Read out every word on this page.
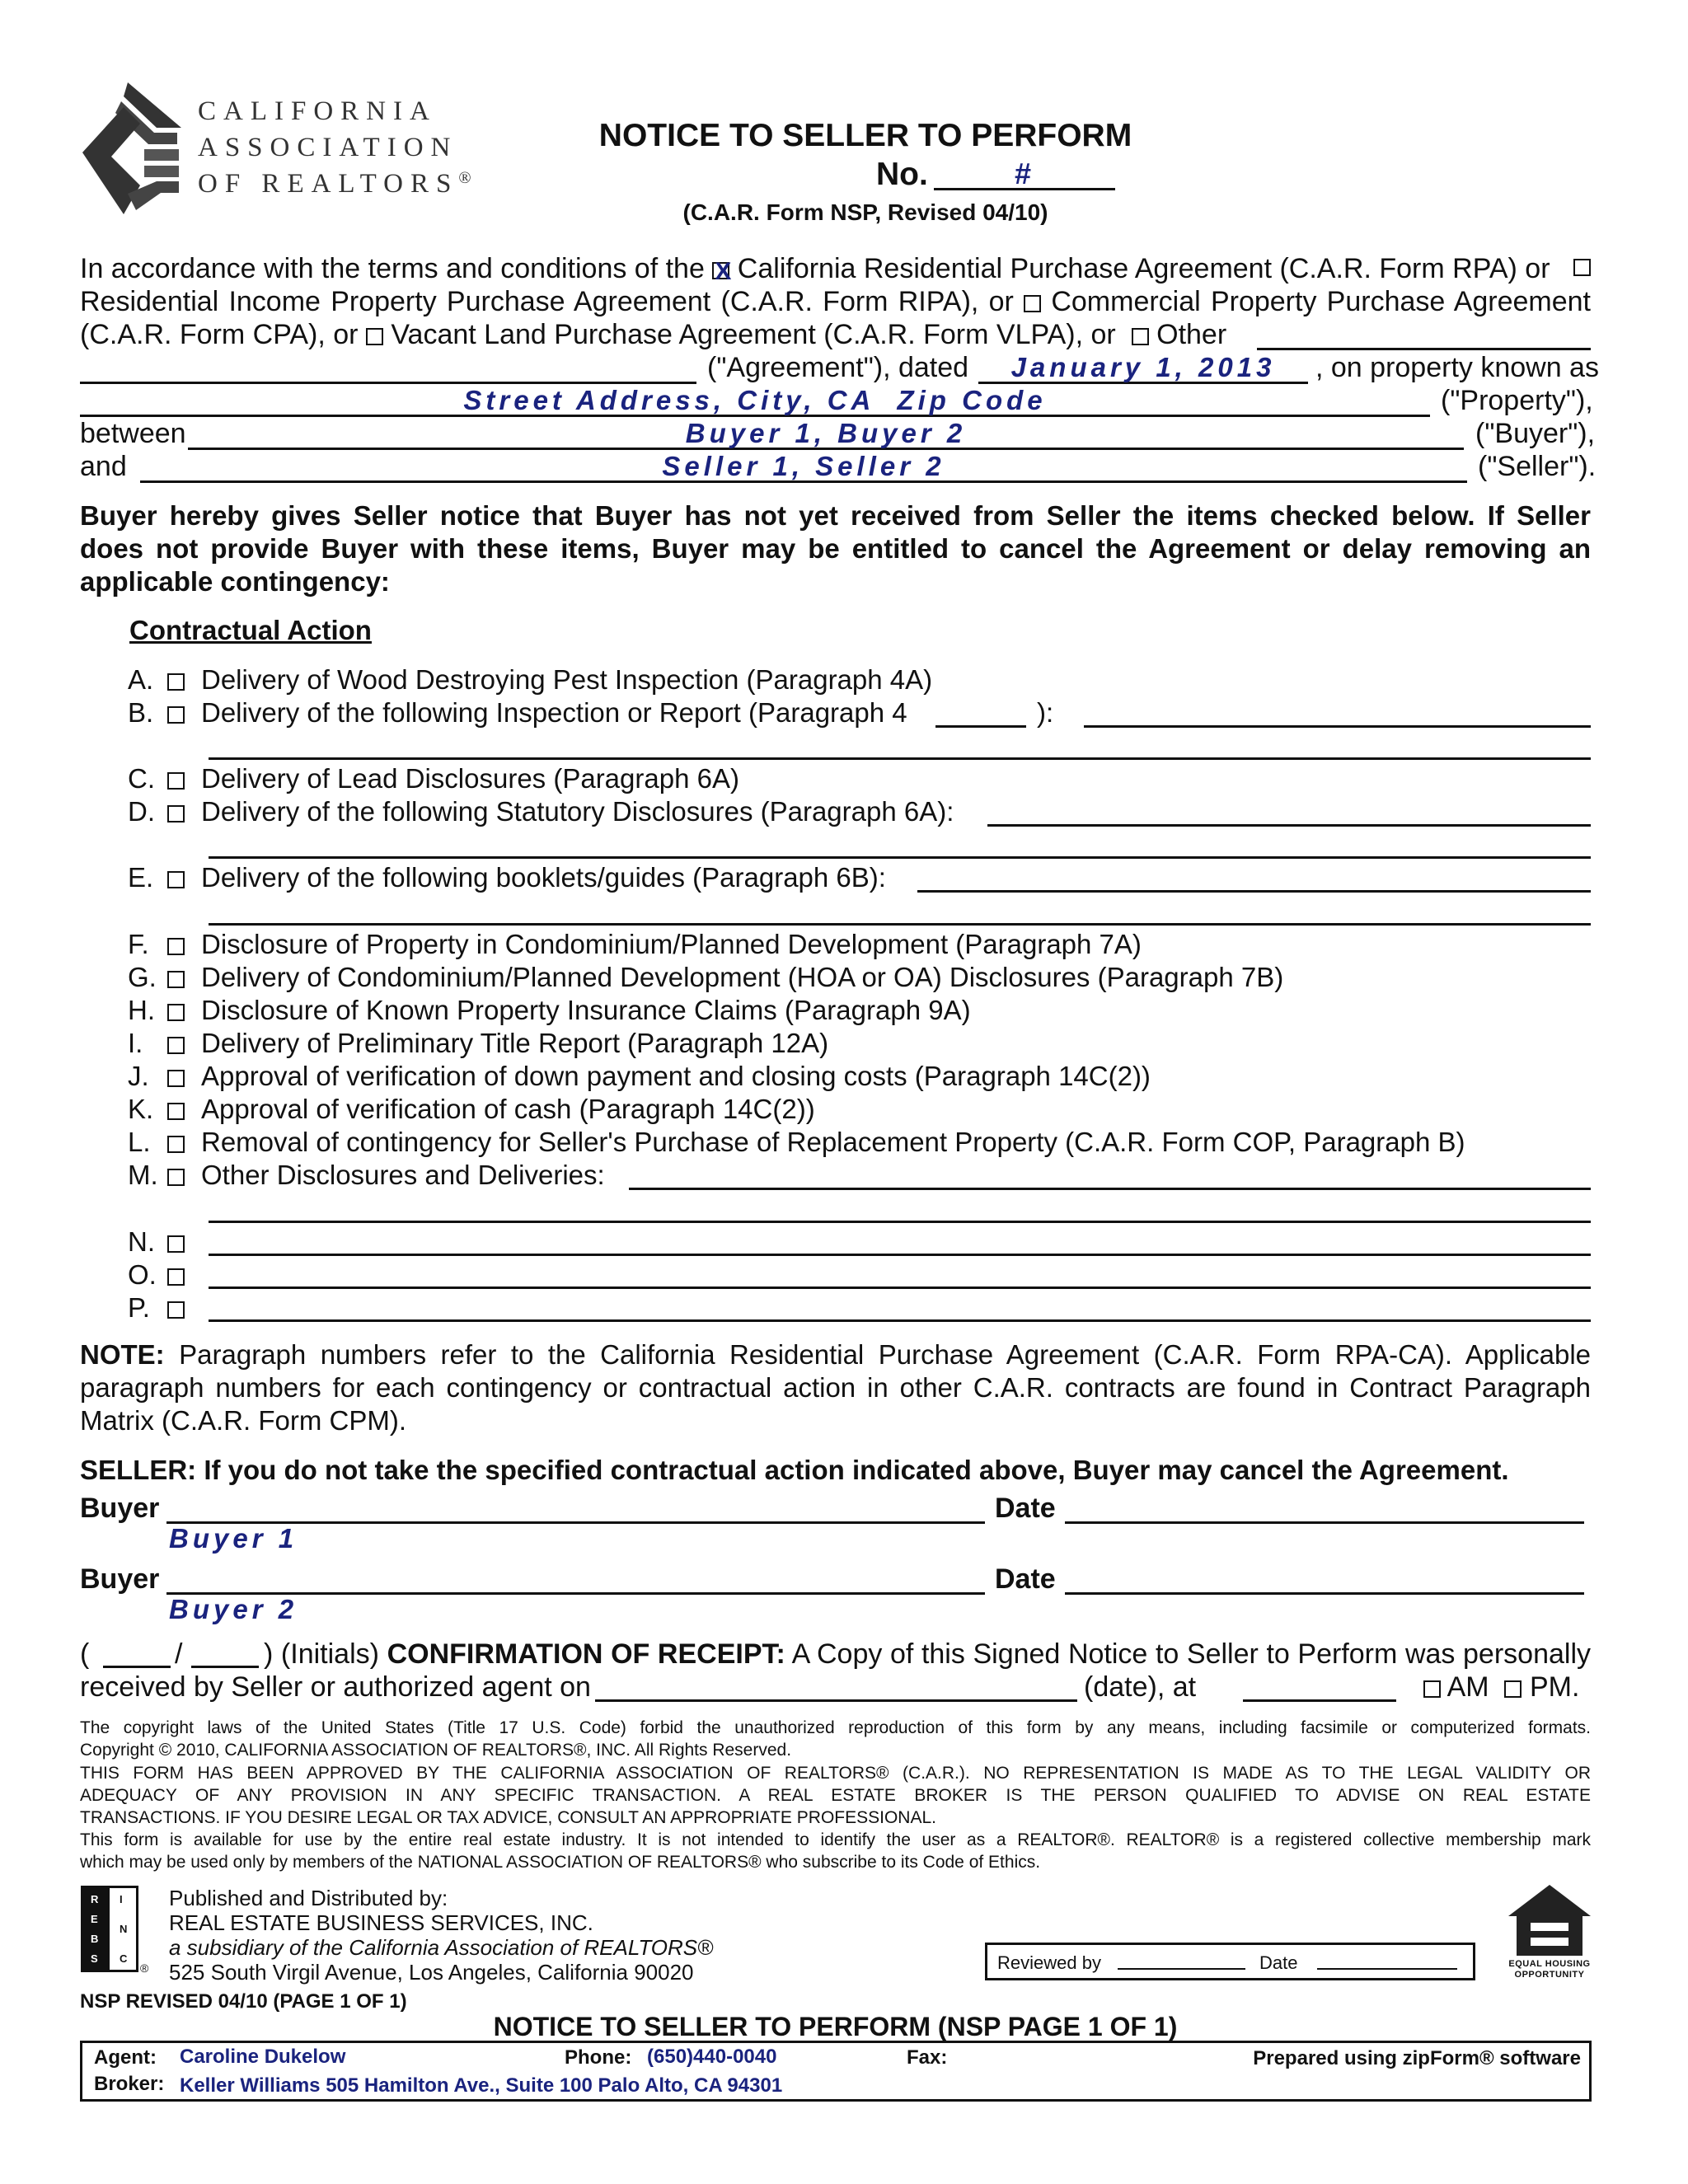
CALIFORNIA
ASSOCIATION
OF REALTORS®
NOTICE TO SELLER TO PERFORM
No.	#
(C.A.R. Form NSP, Revised 04/10)
In accordance with the terms and conditions of the X California Residential Purchase Agreement (C.A.R. Form RPA) or
Residential Income Property Purchase Agreement (C.A.R. Form RIPA), or Commercial Property Purchase Agreement
(C.A.R. Form CPA), or Vacant Land Purchase Agreement (C.A.R. Form VLPA), or Other
("Agreement"), dated	January 1, 2013	, on property known as
Street Address, City, CA  Zip Code	("Property"),
between	Buyer 1, Buyer 2	("Buyer"),
and	Seller 1, Seller 2	("Seller").
Buyer hereby gives Seller notice that Buyer has not yet received from Seller the items checked below. If Seller
does not provide Buyer with these items, Buyer may be entitled to cancel the Agreement or delay removing an
applicable contingency:
Contractual Action
A. Delivery of Wood Destroying Pest Inspection (Paragraph 4A)
B. Delivery of the following Inspection or Report (Paragraph 4	):
C. Delivery of Lead Disclosures (Paragraph 6A)
D. Delivery of the following Statutory Disclosures (Paragraph 6A):
E. Delivery of the following booklets/guides (Paragraph 6B):
F. Disclosure of Property in Condominium/Planned Development (Paragraph 7A)
G. Delivery of Condominium/Planned Development (HOA or OA) Disclosures (Paragraph 7B)
H. Disclosure of Known Property Insurance Claims (Paragraph 9A)
I. Delivery of Preliminary Title Report (Paragraph 12A)
J. Approval of verification of down payment and closing costs (Paragraph 14C(2))
K. Approval of verification of cash (Paragraph 14C(2))
L. Removal of contingency for Seller's Purchase of Replacement Property (C.A.R. Form COP, Paragraph B)
M. Other Disclosures and Deliveries:
N.
O.
P.
NOTE: Paragraph numbers refer to the California Residential Purchase Agreement (C.A.R. Form RPA-CA). Applicable
paragraph numbers for each contingency or contractual action in other C.A.R. contracts are found in Contract Paragraph
Matrix (C.A.R. Form CPM).
SELLER: If you do not take the specified contractual action indicated above, Buyer may cancel the Agreement.
Buyer	Date
Buyer 1
Buyer	Date
Buyer 2
(	/	) (Initials) CONFIRMATION OF RECEIPT: A Copy of this Signed Notice to Seller to Perform was personally
received by Seller or authorized agent on	(date), at	AM PM.
The copyright laws of the United States (Title 17 U.S. Code) forbid the unauthorized reproduction of this form by any means, including facsimile or computerized formats.
Copyright © 2010, CALIFORNIA ASSOCIATION OF REALTORS®, INC. All Rights Reserved.
THIS FORM HAS BEEN APPROVED BY THE CALIFORNIA ASSOCIATION OF REALTORS® (C.A.R.). NO REPRESENTATION IS MADE AS TO THE LEGAL VALIDITY OR
ADEQUACY OF ANY PROVISION IN ANY SPECIFIC TRANSACTION. A REAL ESTATE BROKER IS THE PERSON QUALIFIED TO ADVISE ON REAL ESTATE
TRANSACTIONS. IF YOU DESIRE LEGAL OR TAX ADVICE, CONSULT AN APPROPRIATE PROFESSIONAL.
This form is available for use by the entire real estate industry. It is not intended to identify the user as a REALTOR®. REALTOR® is a registered collective membership mark
which may be used only by members of the NATIONAL ASSOCIATION OF REALTORS® who subscribe to its Code of Ethics.
R
E
B
S
I
N
C
®
Published and Distributed by:
REAL ESTATE BUSINESS SERVICES, INC.
a subsidiary of the California Association of REALTORS®
525 South Virgil Avenue, Los Angeles, California 90020	Reviewed by	Date	EQUAL HOUSING
OPPORTUNITY
NSP REVISED 04/10 (PAGE 1 OF 1)
NOTICE TO SELLER TO PERFORM (NSP PAGE 1 OF 1)
Agent: Caroline Dukelow	Phone: (650)440-0040	Fax:	Prepared using zipForm® software
Broker: Keller Williams 505 Hamilton Ave., Suite 100 Palo Alto, CA 94301
